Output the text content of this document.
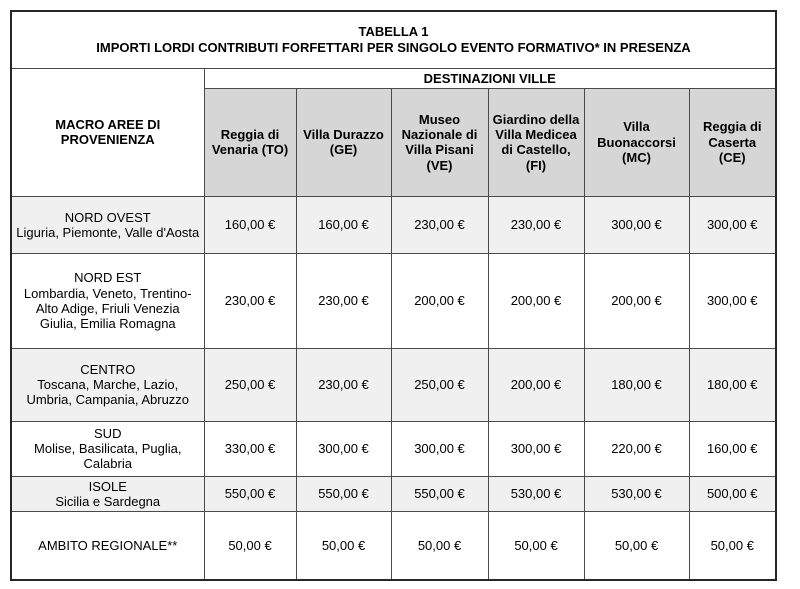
TABELLA 1
IMPORTI LORDI CONTRIBUTI FORFETTARI PER SINGOLO EVENTO FORMATIVO* IN PRESENZA						

MACRO AREE DI PROVENIENZA	DESTINAZIONI VILLE					
	Reggia di Venaria (TO)	Villa Durazzo (GE)	Museo Nazionale di Villa Pisani (VE)	Giardino della Villa Medicea di Castello, (FI)	Villa Buonaccorsi (MC)	Reggia di Caserta (CE)

NORD OVEST
Liguria, Piemonte, Valle d'Aosta	160,00 €	160,00 €	230,00 €	230,00 €	300,00 €	300,00 €

NORD EST
Lombardia, Veneto, Trentino-Alto Adige, Friuli Venezia Giulia, Emilia Romagna	230,00 €	230,00 €	200,00 €	200,00 €	200,00 €	300,00 €

CENTRO
Toscana, Marche, Lazio, Umbria, Campania, Abruzzo	250,00 €	230,00 €	250,00 €	200,00 €	180,00 €	180,00 €

SUD
Molise, Basilicata, Puglia, Calabria	330,00 €	300,00 €	300,00 €	300,00 €	220,00 €	160,00 €

ISOLE
Sicilia e Sardegna	550,00 €	550,00 €	550,00 €	530,00 €	530,00 €	500,00 €
AMBITO REGIONALE**	50,00 €	50,00 €	50,00 €	50,00 €	50,00 €	50,00 €
